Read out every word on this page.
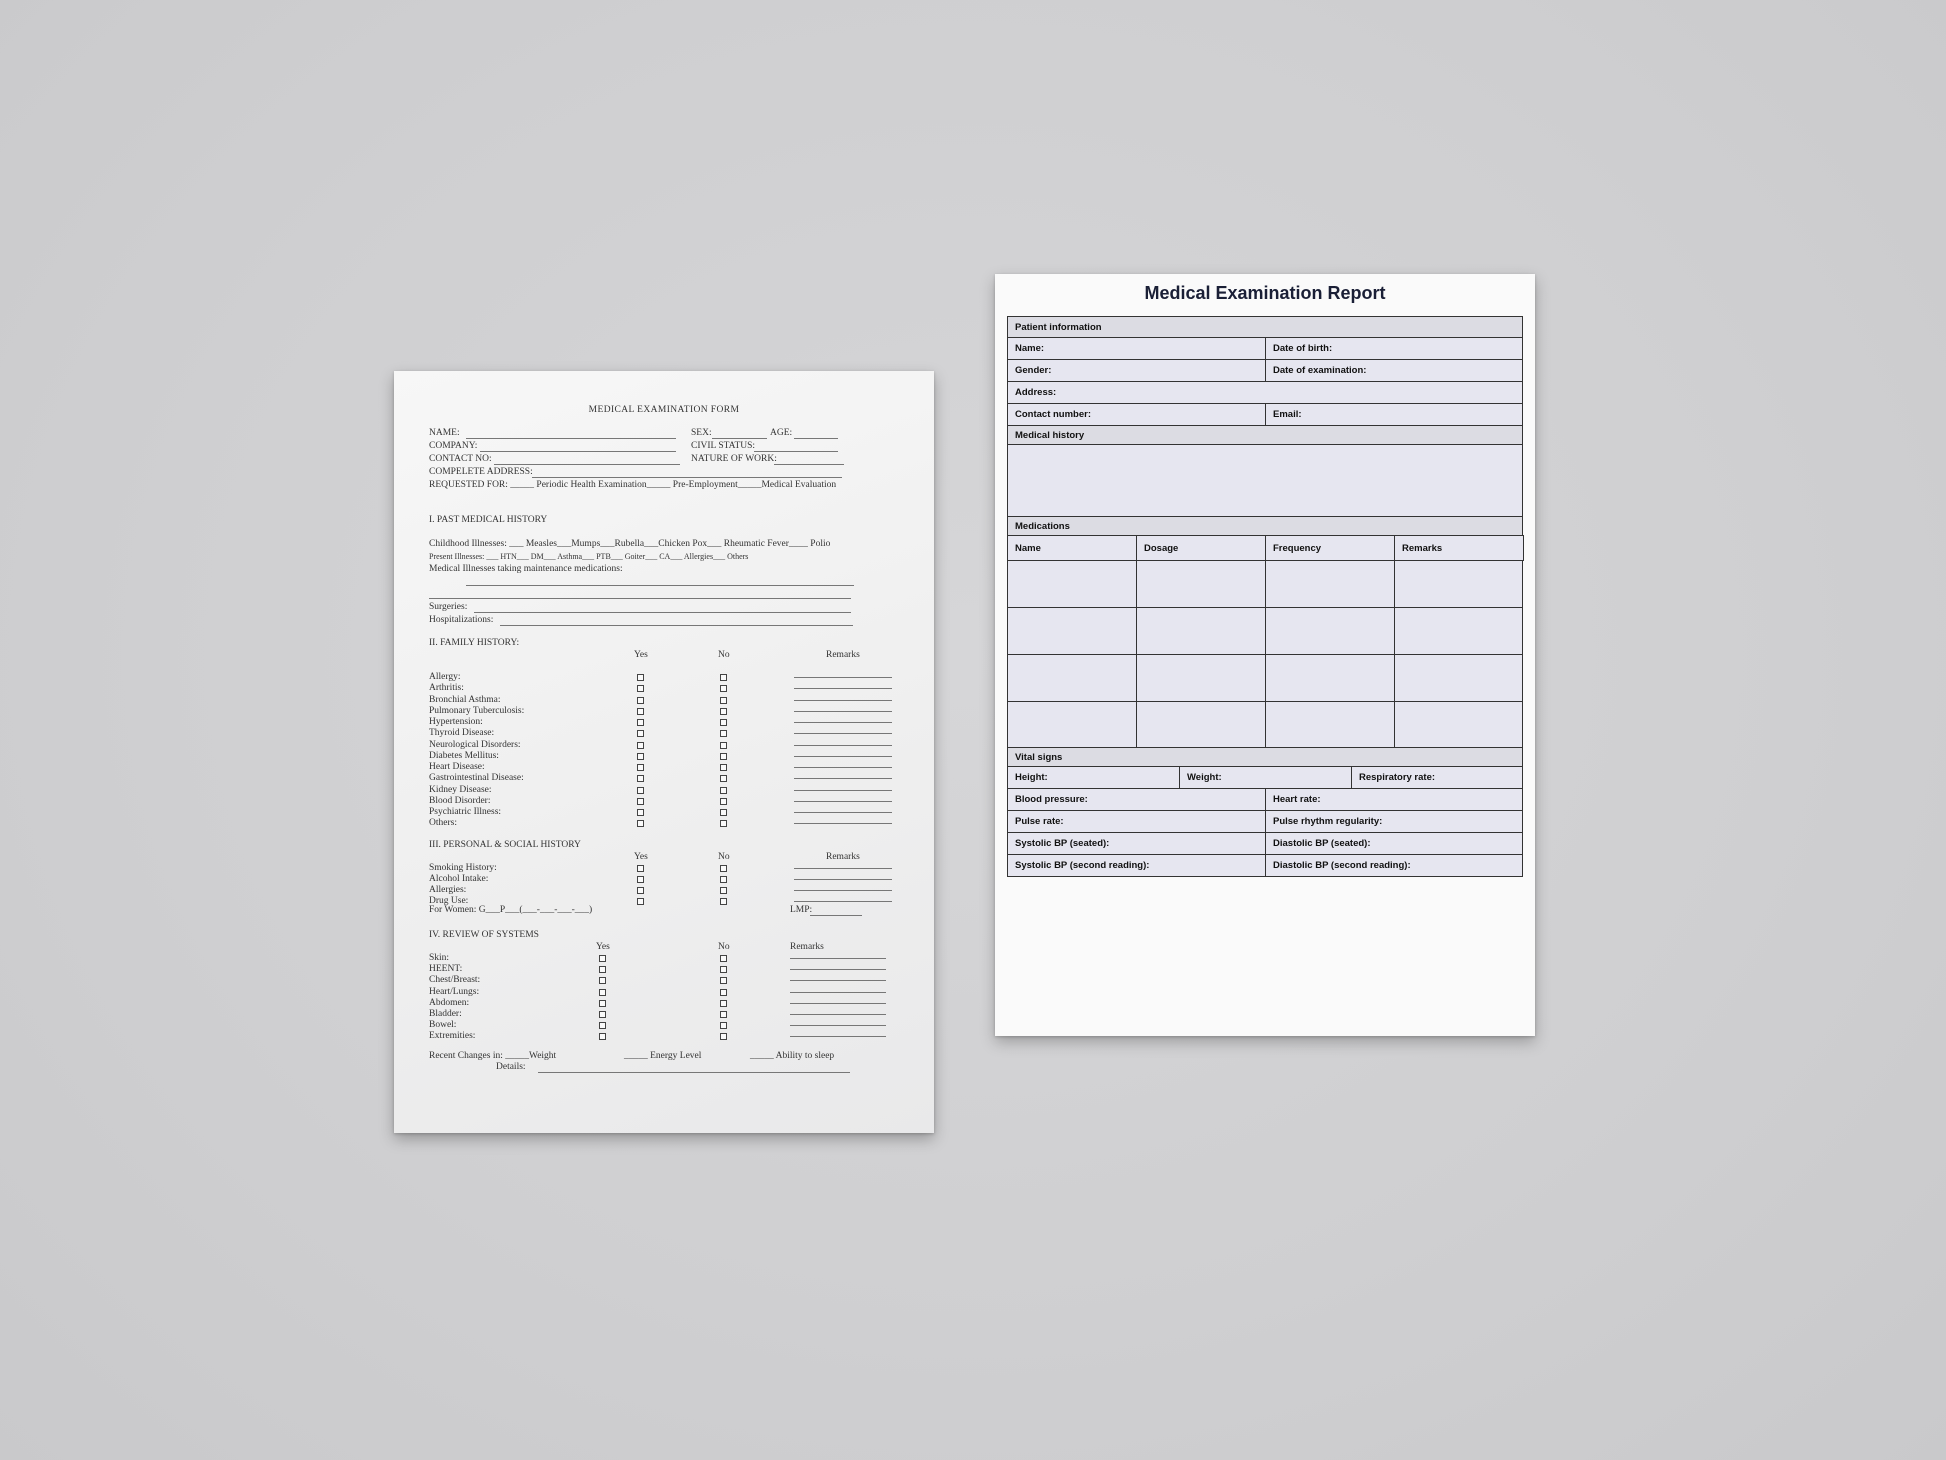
MEDICAL EXAMINATION FORM
NAME:	SEX:	AGE:
COMPANY:	CIVIL STATUS:
CONTACT NO:	NATURE OF WORK:
COMPELETE ADDRESS:
REQUESTED FOR: _____ Periodic Health Examination_____ Pre-Employment_____Medical Evaluation
I. PAST MEDICAL HISTORY
Childhood Illnesses: ___ Measles___Mumps___Rubella___Chicken Pox___ Rheumatic Fever____ Polio
Present Illnesses: ___ HTN___ DM___ Asthma___ PTB___ Goiter___ CA___ Allergies___ Others
Medical Illnesses taking maintenance medications:
Surgeries:
Hospitalizations:
II. FAMILY HISTORY:
Yes	No	Remarks
Allergy:
Arthritis:
Bronchial Asthma:
Pulmonary Tuberculosis:
Hypertension:
Thyroid Disease:
Neurological Disorders:
Diabetes Mellitus:
Heart Disease:
Gastrointestinal Disease:
Kidney Disease:
Blood Disorder:
Psychiatric Illness:
Others:
III. PERSONAL & SOCIAL HISTORY
Yes	No	Remarks
Smoking History:
Alcohol Intake:
Allergies:
Drug Use:
For Women: G___P___(___-___-___-___)	LMP:
IV. REVIEW OF SYSTEMS
Yes	No	Remarks
Skin:
HEENT:
Chest/Breast:
Heart/Lungs:
Abdomen:
Bladder:
Bowel:
Extremities:
Recent Changes in: _____Weight	_____ Energy Level	_____ Ability to sleep
Details:
Medical Examination Report
Patient information
Name:	Date of birth:
Gender:	Date of examination:
Address:
Contact number:	Email:
Medical history
Medications
Name	Dosage	Frequency	Remarks
Vital signs
Height:	Weight:	Respiratory rate:
Blood pressure:	Heart rate:
Pulse rate:	Pulse rhythm regularity:
Systolic BP (seated):	Diastolic BP (seated):
Systolic BP (second reading):	Diastolic BP (second reading):
